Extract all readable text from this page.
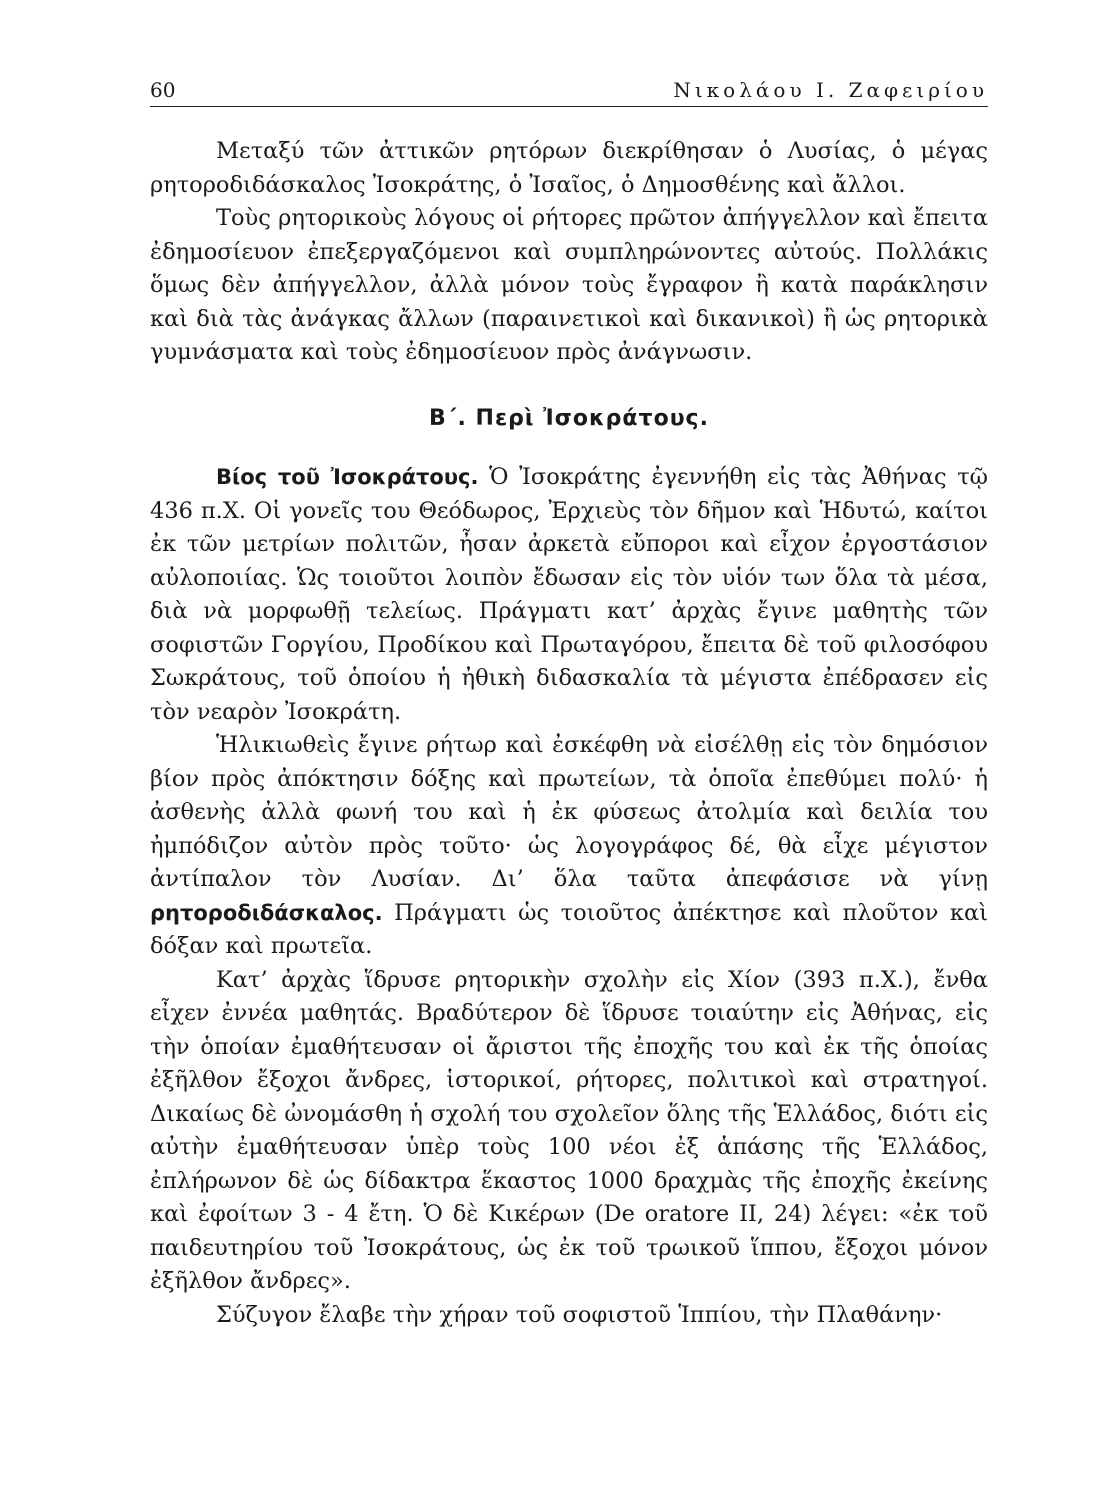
60	Νικολάου Ι. Ζαφειρίου

Μεταξύ τῶν ἀττικῶν ρητόρων διεκρίθησαν ὁ Λυσίας, ὁ μέγας ρητοροδιδάσκαλος Ἰσοκράτης, ὁ Ἰσαῖος, ὁ Δημοσθένης καὶ ἄλλοι.

Τοὺς ρητορικοὺς λόγους οἱ ρήτορες πρῶτον ἀπήγγελλον καὶ ἔπειτα ἐδημοσίευον ἐπεξεργαζόμενοι καὶ συμπληρώνοντες αὐτούς. Πολλάκις ὅμως δὲν ἀπήγγελλον, ἀλλὰ μόνον τοὺς ἔγραφον ἢ κατὰ παράκλησιν καὶ διὰ τὰς ἀνάγκας ἄλλων (παραινετικοὶ καὶ δικανικοὶ) ἢ ὡς ρητορικὰ γυμνάσματα καὶ τοὺς ἐδημοσίευον πρὸς ἀνάγνωσιν.

Β΄. Περὶ Ἰσοκράτους.

Βίος τοῦ Ἰσοκράτους. Ὁ Ἰσοκράτης ἐγεννήθη εἰς τὰς Ἀθήνας τῷ 436 π.Χ. Οἱ γονεῖς του Θεόδωρος, Ἐρχιεὺς τὸν δῆμον καὶ Ἡδυτώ, καίτοι ἐκ τῶν μετρίων πολιτῶν, ἦσαν ἀρκετὰ εὔποροι καὶ εἶχον ἐργοστάσιον αὐλοποιίας. Ὡς τοιοῦτοι λοιπὸν ἔδωσαν εἰς τὸν υἱόν των ὅλα τὰ μέσα, διὰ νὰ μορφωθῇ τελείως. Πράγματι κατ’ ἀρχὰς ἔγινε μαθητὴς τῶν σοφιστῶν Γοργίου, Προδίκου καὶ Πρωταγόρου, ἔπειτα δὲ τοῦ φιλοσόφου Σωκράτους, τοῦ ὁποίου ἡ ἠθικὴ διδασκαλία τὰ μέγιστα ἐπέδρασεν εἰς τὸν νεαρὸν Ἰσοκράτη.

Ἡλικιωθεὶς ἔγινε ρήτωρ καὶ ἐσκέφθη νὰ εἰσέλθῃ εἰς τὸν δημόσιον βίον πρὸς ἀπόκτησιν δόξης καὶ πρωτείων, τὰ ὁποῖα ἐπεθύμει πολύ· ἡ ἀσθενὴς ἀλλὰ φωνή του καὶ ἡ ἐκ φύσεως ἀτολμία καὶ δειλία του ἠμπόδιζον αὐτὸν πρὸς τοῦτο· ὡς λογογράφος δέ, θὰ εἶχε μέγιστον ἀντίπαλον τὸν Λυσίαν. Δι’ ὅλα ταῦτα ἀπεφάσισε νὰ γίνῃ ρητοροδιδάσκαλος. Πράγματι ὡς τοιοῦτος ἀπέκτησε καὶ πλοῦτον καὶ δόξαν καὶ πρωτεῖα.

Κατ’ ἀρχὰς ἵδρυσε ρητορικὴν σχολὴν εἰς Χίον (393 π.Χ.), ἔνθα εἶχεν ἐννέα μαθητάς. Βραδύτερον δὲ ἵδρυσε τοιαύτην εἰς Ἀθήνας, εἰς τὴν ὁποίαν ἐμαθήτευσαν οἱ ἄριστοι τῆς ἐποχῆς του καὶ ἐκ τῆς ὁποίας ἐξῆλθον ἔξοχοι ἄνδρες, ἱστορικοί, ρήτορες, πολιτικοὶ καὶ στρατηγοί. Δικαίως δὲ ὠνομάσθη ἡ σχολή του σχολεῖον ὅλης τῆς Ἑλλάδος, διότι εἰς αὐτὴν ἐμαθήτευσαν ὑπὲρ τοὺς 100 νέοι ἐξ ἁπάσης τῆς Ἑλλάδος, ἐπλήρωνον δὲ ὡς δίδακτρα ἕκαστος 1000 δραχμὰς τῆς ἐποχῆς ἐκείνης καὶ ἐφοίτων 3 - 4 ἔτη. Ὁ δὲ Κικέρων (De oratore II, 24) λέγει: «ἐκ τοῦ παιδευτηρίου τοῦ Ἰσοκράτους, ὡς ἐκ τοῦ τρωικοῦ ἵππου, ἔξοχοι μόνον ἐξῆλθον ἄνδρες».

Σύζυγον ἔλαβε τὴν χήραν τοῦ σοφιστοῦ Ἱππίου, τὴν Πλαθάνην·
